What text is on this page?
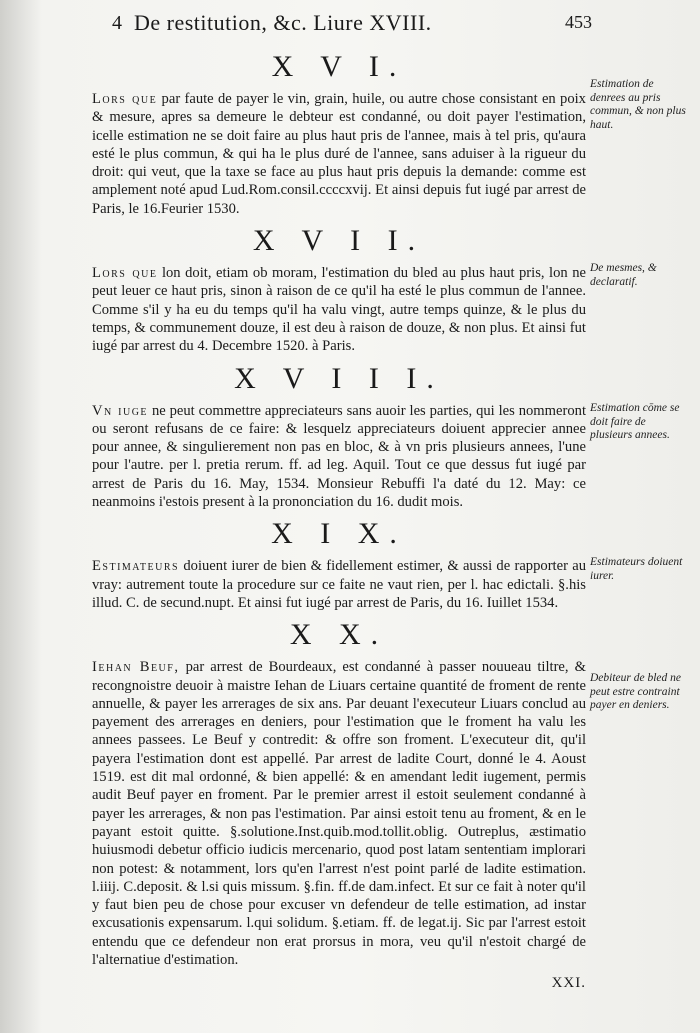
4 De restitution, &c. Liure XVIII.	453
X V I.

Lors que par faute de payer le vin, grain, huile, ou autre chose consistant en poix & mesure, apres sa demeure le debteur est condanné, ou doit payer l'estimation, icelle estimation ne se doit faire au plus haut pris de l'annee, mais à tel pris, qu'aura esté le plus commun, & qui ha le plus duré de l'annee, sans aduiser à la rigueur du droit: qui veut, que la taxe se face au plus haut pris depuis la demande: comme est amplement noté apud Lud.Rom.consil.ccccxvij. Et ainsi depuis fut iugé par arrest de Paris, le 16.Feurier 1530.

X V I I.

Lors que lon doit, etiam ob moram, l'estimation du bled au plus haut pris, lon ne peut leuer ce haut pris, sinon à raison de ce qu'il ha esté le plus commun de l'annee. Comme s'il y ha eu du temps qu'il ha valu vingt, autre temps quinze, & le plus du temps, & communement douze, il est deu à raison de douze, & non plus. Et ainsi fut iugé par arrest du 4. Decembre 1520. à Paris.

X V I I I.

Vn iuge ne peut commettre appreciateurs sans auoir les parties, qui les nommeront ou seront refusans de ce faire: & lesquelz appreciateurs doiuent apprecier annee pour annee, & singulierement non pas en bloc, & à vn pris plusieurs annees, l'une pour l'autre. per l. pretia rerum. ff. ad leg. Aquil. Tout ce que dessus fut iugé par arrest de Paris du 16. May, 1534. Monsieur Rebuffi l'a daté du 12. May: ce neanmoins i'estois present à la prononciation du 16. dudit mois.

X I X.

Estimateurs doiuent iurer de bien & fidellement estimer, & aussi de rapporter au vray: autrement toute la procedure sur ce faite ne vaut rien, per l. hac edictali. §.his illud. C. de secund.nupt. Et ainsi fut iugé par arrest de Paris, du 16. Iuillet 1534.

X X.

Iehan Beuf, par arrest de Bourdeaux, est condanné à passer nouueau tiltre, & recongnoistre deuoir à maistre Iehan de Liuars certaine quantité de froment de rente annuelle, & payer les arrerages de six ans. Par deuant l'executeur Liuars conclud au payement des arrerages en deniers, pour l'estimation que le froment ha valu les annees passees. Le Beuf y contredit: & offre son froment. L'executeur dit, qu'il payera l'estimation dont est appellé. Par arrest de ladite Court, donné le 4. Aoust 1519. est dit mal ordonné, & bien appellé: & en amendant ledit iugement, permis audit Beuf payer en froment. Par le premier arrest il estoit seulement condanné à payer les arrerages, & non pas l'estimation. Par ainsi estoit tenu au froment, & en le payant estoit quitte. §.solutione.Inst.quib.mod.tollit.oblig. Outreplus, æstimatio huiusmodi debetur officio iudicis mercenario, quod post latam sententiam implorari non potest: & notamment, lors qu'en l'arrest n'est point parlé de ladite estimation. l.iiij. C.deposit. & l.si quis missum. §.fin. ff.de dam.infect. Et sur ce fait à noter qu'il y faut bien peu de chose pour excuser vn defendeur de telle estimation, ad instar excusationis expensarum. l.qui solidum. §.etiam. ff. de legat.ij. Sic par l'arrest estoit entendu que ce defendeur non erat prorsus in mora, veu qu'il n'estoit chargé de l'alternatiue d'estimation.

XXI.
Estimation de denrees au pris commun, & non plus haut.
De mesmes, & declaratif.
Estimation cōme se doit faire de plusieurs annees.
Estimateurs doiuent iurer.
Debiteur de bled ne peut estre contraint payer en deniers.
